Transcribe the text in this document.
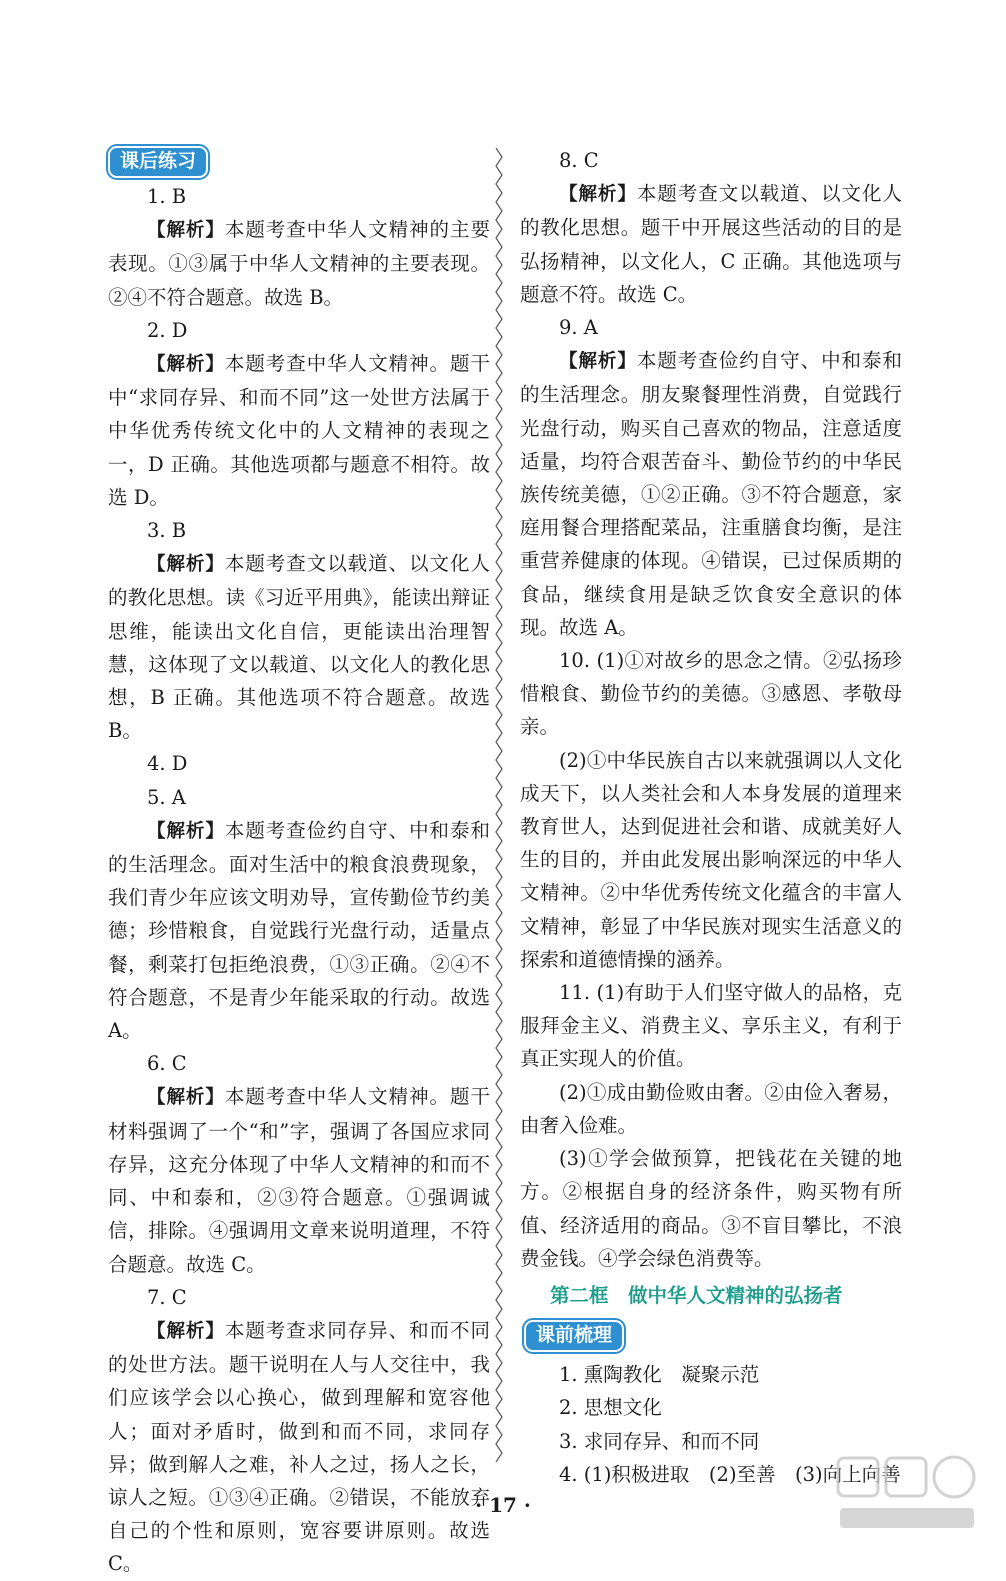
课后练习

1. B

【解析】本题考查中华人文精神的主要表现。①③属于中华人文精神的主要表现。②④不符合题意。故选 B。

2. D

【解析】本题考查中华人文精神。题干中“求同存异、和而不同”这一处世方法属于中华优秀传统文化中的人文精神的表现之一，D 正确。其他选项都与题意不相符。故选 D。

3. B

【解析】本题考查文以载道、以文化人的教化思想。读《习近平用典》，能读出辩证思维，能读出文化自信，更能读出治理智慧，这体现了文以载道、以文化人的教化思想，B 正确。其他选项不符合题意。故选 B。

4. D

5. A

【解析】本题考查俭约自守、中和泰和的生活理念。面对生活中的粮食浪费现象，我们青少年应该文明劝导，宣传勤俭节约美德；珍惜粮食，自觉践行光盘行动，适量点餐，剩菜打包拒绝浪费，①③正确。②④不符合题意，不是青少年能采取的行动。故选 A。

6. C

【解析】本题考查中华人文精神。题干材料强调了一个“和”字，强调了各国应求同存异，这充分体现了中华人文精神的和而不同、中和泰和，②③符合题意。①强调诚信，排除。④强调用文章来说明道理，不符合题意。故选 C。

7. C

【解析】本题考查求同存异、和而不同的处世方法。题干说明在人与人交往中，我们应该学会以心换心，做到理解和宽容他人；面对矛盾时，做到和而不同，求同存异；做到解人之难，补人之过，扬人之长，谅人之短。①③④正确。②错误，不能放弃自己的个性和原则，宽容要讲原则。故选 C。

8. C

【解析】本题考查文以载道、以文化人的教化思想。题干中开展这些活动的目的是弘扬精神，以文化人，C 正确。其他选项与题意不符。故选 C。

9. A

【解析】本题考查俭约自守、中和泰和的生活理念。朋友聚餐理性消费，自觉践行光盘行动，购买自己喜欢的物品，注意适度适量，均符合艰苦奋斗、勤俭节约的中华民族传统美德，①②正确。③不符合题意，家庭用餐合理搭配菜品，注重膳食均衡，是注重营养健康的体现。④错误，已过保质期的食品，继续食用是缺乏饮食安全意识的体现。故选 A。

10. (1)①对故乡的思念之情。②弘扬珍惜粮食、勤俭节约的美德。③感恩、孝敬母亲。

(2)①中华民族自古以来就强调以人文化成天下，以人类社会和人本身发展的道理来教育世人，达到促进社会和谐、成就美好人生的目的，并由此发展出影响深远的中华人文精神。②中华优秀传统文化蕴含的丰富人文精神，彰显了中华民族对现实生活意义的探索和道德情操的涵养。

11. (1)有助于人们坚守做人的品格，克服拜金主义、消费主义、享乐主义，有利于真正实现人的价值。

(2)①成由勤俭败由奢。②由俭入奢易，由奢入俭难。

(3)①学会做预算，把钱花在关键的地方。②根据自身的经济条件，购买物有所值、经济适用的商品。③不盲目攀比，不浪费金钱。④学会绿色消费等。

第二框　做中华人文精神的弘扬者
课前梳理

1. 熏陶教化　凝聚示范

2. 思想文化

3. 求同存异、和而不同

4. (1)积极进取　(2)至善　(3)向上向善

· 17 ·
